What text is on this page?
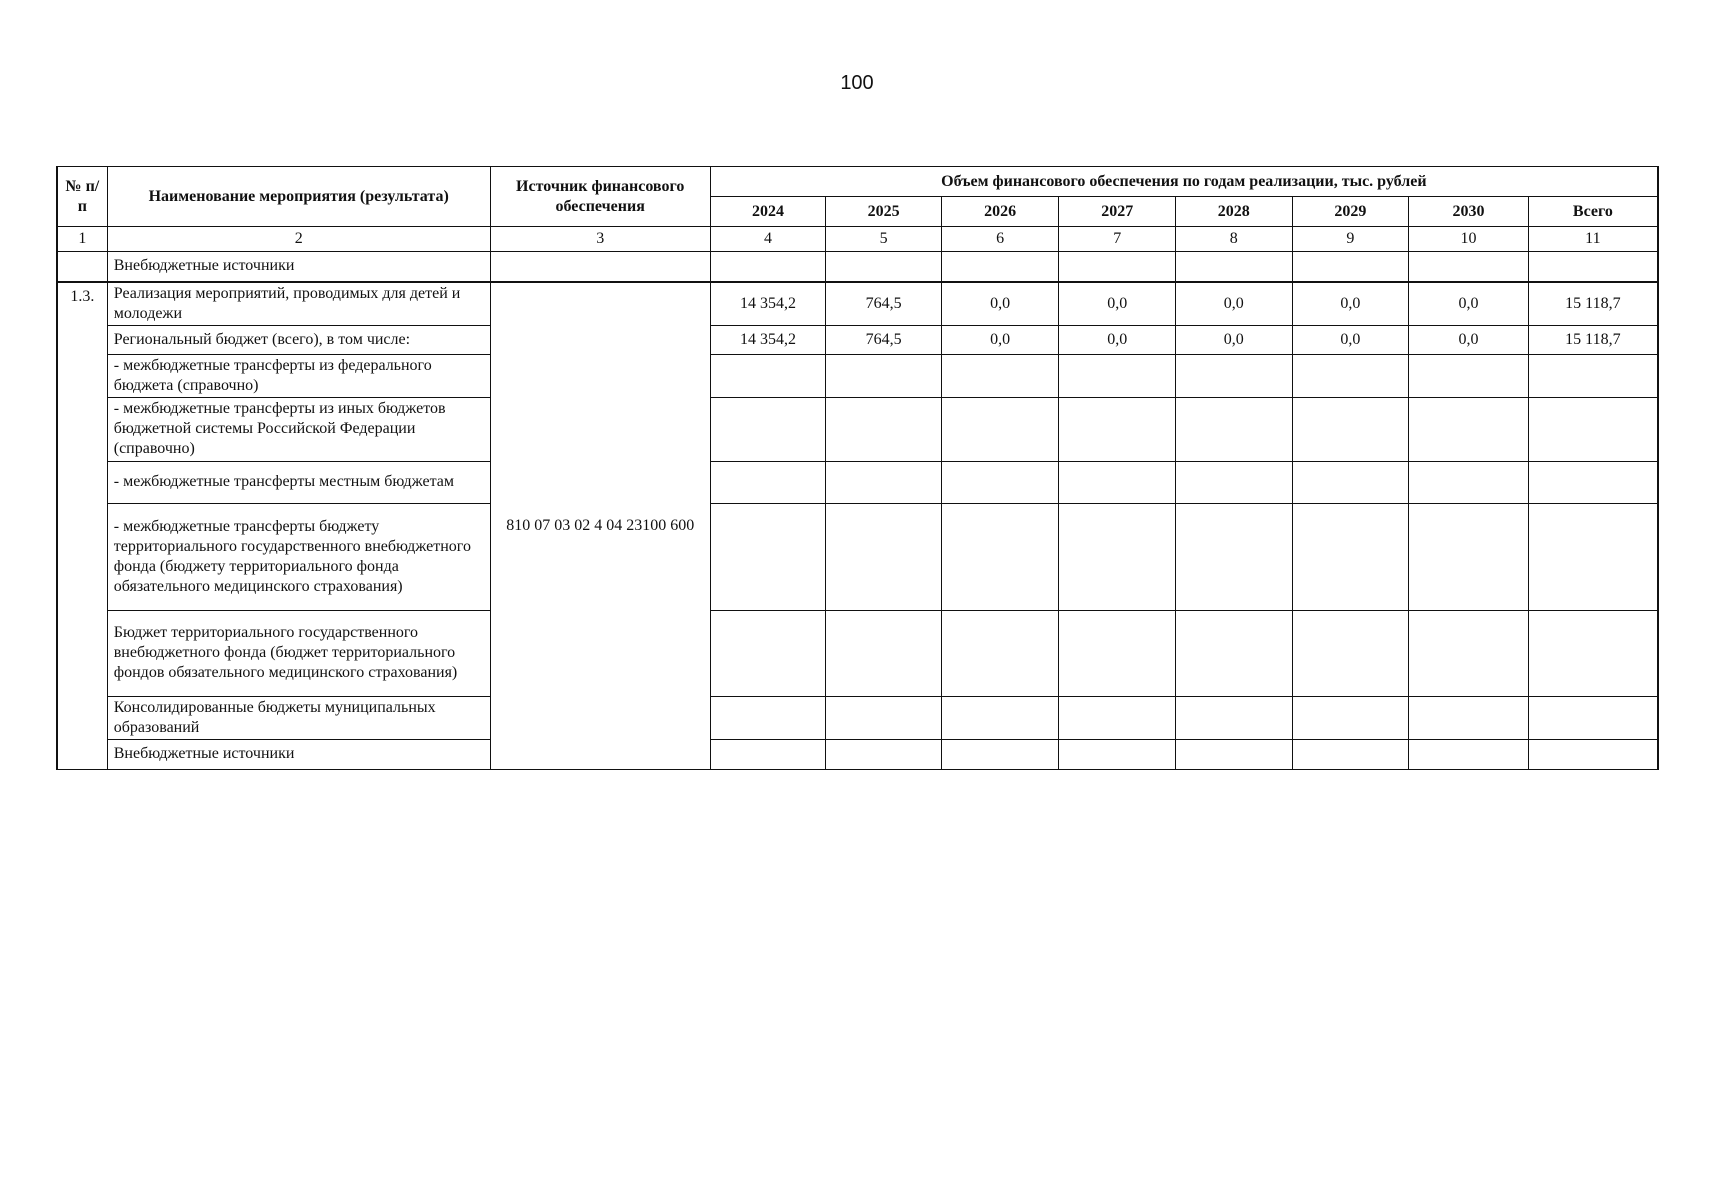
100
№ п/п	Наименование мероприятия (результата)	Источник финансового обеспечения	Объем финансового обеспечения по годам реализации, тыс. рублей							
			2024	2025	2026	2027	2028	2029	2030	Всего
1	2	3	4	5	6	7	8	9	10	11
	Внебюджетные источники									
1.3.	Реализация мероприятий, проводимых для детей и молодежи	810 07 03 02 4 04 23100 600	14 354,2	764,5	0,0	0,0	0,0	0,0	0,0	15 118,7
	Региональный бюджет (всего), в том числе:		14 354,2	764,5	0,0	0,0	0,0	0,0	0,0	15 118,7
	- межбюджетные трансферты из федерального бюджета (справочно)									
	- межбюджетные трансферты из иных бюджетов бюджетной системы Российской Федерации (справочно)									
	- межбюджетные трансферты местным бюджетам									
	- межбюджетные трансферты бюджету территориального государственного внебюджетного фонда (бюджету территориального фонда обязательного медицинского страхования)									
	Бюджет территориального государственного внебюджетного фонда (бюджет территориального фондов обязательного медицинского страхования)									
	Консолидированные бюджеты муниципальных образований									
	Внебюджетные источники									
